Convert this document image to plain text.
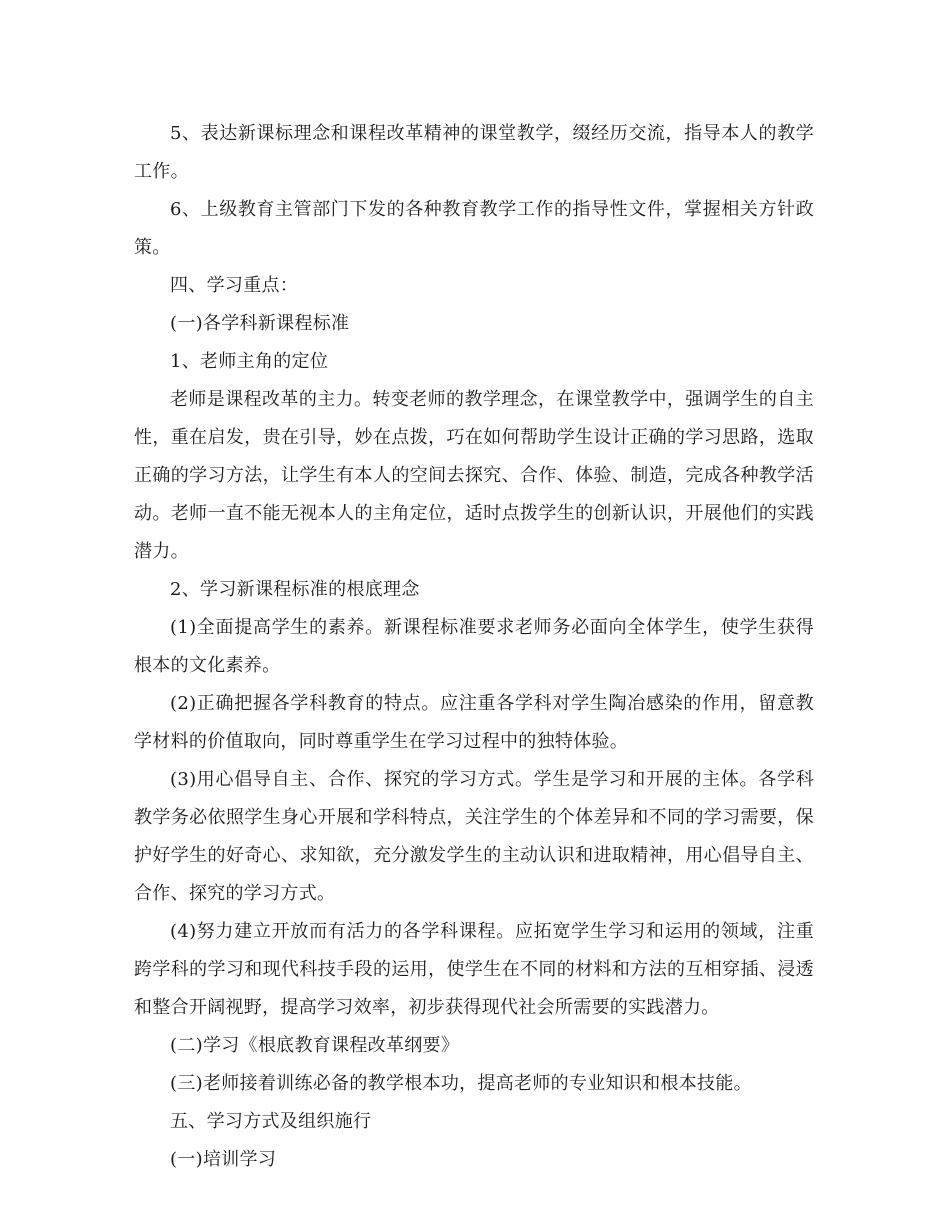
5、表达新课标理念和课程改革精神的课堂教学，缀经历交流，指导本人的教学工作。

6、上级教育主管部门下发的各种教育教学工作的指导性文件，掌握相关方针政策。

四、学习重点：

(一)各学科新课程标准

1、老师主角的定位

老师是课程改革的主力。转变老师的教学理念，在课堂教学中，强调学生的自主性，重在启发，贵在引导，妙在点拨，巧在如何帮助学生设计正确的学习思路，选取正确的学习方法，让学生有本人的空间去探究、合作、体验、制造，完成各种教学活动。老师一直不能无视本人的主角定位，适时点拨学生的创新认识，开展他们的实践潜力。

2、学习新课程标准的根底理念

(1)全面提高学生的素养。新课程标准要求老师务必面向全体学生，使学生获得根本的文化素养。

(2)正确把握各学科教育的特点。应注重各学科对学生陶冶感染的作用，留意教学材料的价值取向，同时尊重学生在学习过程中的独特体验。

(3)用心倡导自主、合作、探究的学习方式。学生是学习和开展的主体。各学科教学务必依照学生身心开展和学科特点，关注学生的个体差异和不同的学习需要，保护好学生的好奇心、求知欲，充分激发学生的主动认识和进取精神，用心倡导自主、合作、探究的学习方式。

(4)努力建立开放而有活力的各学科课程。应拓宽学生学习和运用的领域，注重跨学科的学习和现代科技手段的运用，使学生在不同的材料和方法的互相穿插、浸透和整合开阔视野，提高学习效率，初步获得现代社会所需要的实践潜力。

(二)学习《根底教育课程改革纲要》

(三)老师接着训练必备的教学根本功，提高老师的专业知识和根本技能。

五、学习方式及组织施行

(一)培训学习
